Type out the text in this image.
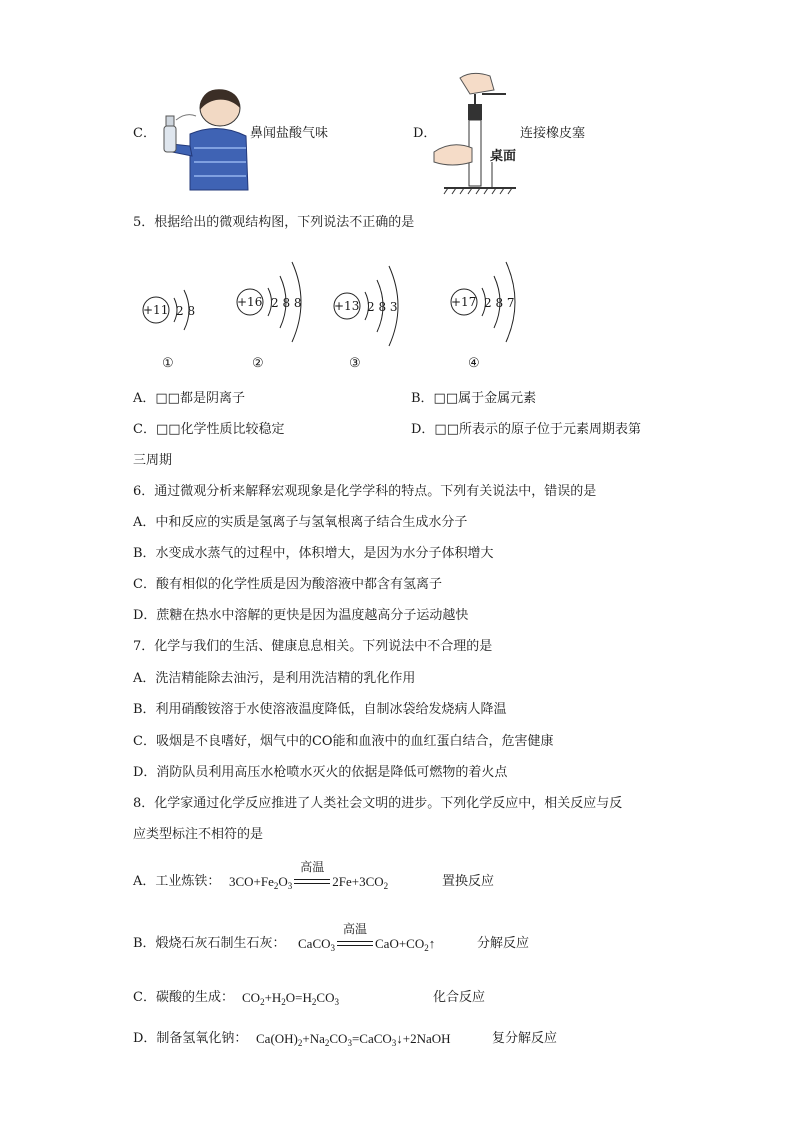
C．	鼻闻盐酸气味	D．
桌面
连接橡皮塞
5．根据给出的微观结构图，下列说法不正确的是
+11 2 8
①
+16 2 8 8
②
+13 2 8 3
③
+17 2 8 7
④
A．□□都是阴离子	B．□□属于金属元素
C．□□化学性质比较稳定	D．□□所表示的原子位于元素周期表第
三周期
6．通过微观分析来解释宏观现象是化学学科的特点。下列有关说法中，错误的是
A．中和反应的实质是氢离子与氢氧根离子结合生成水分子
B．水变成水蒸气的过程中，体积增大，是因为水分子体积增大
C．酸有相似的化学性质是因为酸溶液中都含有氢离子
D．蔗糖在热水中溶解的更快是因为温度越高分子运动越快
7．化学与我们的生活、健康息息相关。下列说法中不合理的是
A．洗洁精能除去油污，是利用洗洁精的乳化作用
B．利用硝酸铵溶于水使溶液温度降低，自制冰袋给发烧病人降温
C．吸烟是不良嗜好，烟气中的CO能和血液中的血红蛋白结合，危害健康
D．消防队员利用高压水枪喷水灭火的依据是降低可燃物的着火点
8．化学家通过化学反应推进了人类社会文明的进步。下列化学反应中，相关反应与反
应类型标注不相符的是
A．工业炼铁： $3CO+Fe_2O_3$
高温
$2Fe+3CO_2$	置换反应
B．煅烧石灰石制生石灰： CaCO$_3$
高温
$CaO+CO_2↑$	分解反应
C．碳酸的生成： $CO_2+H_2O=H_2CO_3$	化合反应
D．制备氢氧化钠： $Ca(OH)_2+Na_2CO_3=CaCO_3↓+2NaOH$	复分解反应
